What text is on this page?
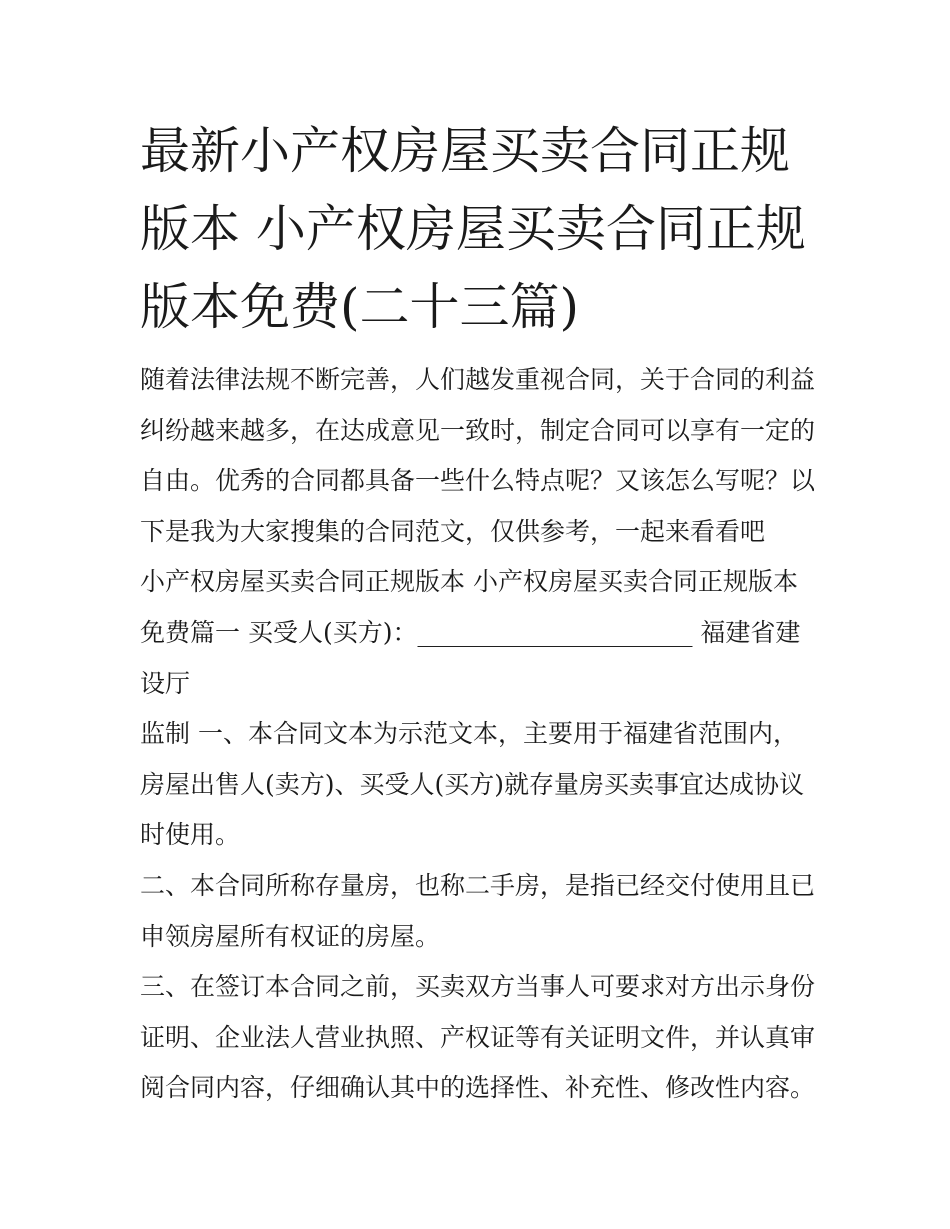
最新小产权房屋买卖合同正规
版本 小产权房屋买卖合同正规
版本免费(二十三篇)
随着法律法规不断完善，人们越发重视合同，关于合同的利益
纠纷越来越多，在达成意见一致时，制定合同可以享有一定的
自由。优秀的合同都具备一些什么特点呢？又该怎么写呢？以
下是我为大家搜集的合同范文，仅供参考，一起来看看吧
小产权房屋买卖合同正规版本 小产权房屋买卖合同正规版本
免费篇一 买受人(买方)：______________________ 福建省建
设厅
监制 一、本合同文本为示范文本，主要用于福建省范围内，
房屋出售人(卖方)、买受人(买方)就存量房买卖事宜达成协议
时使用。
二、本合同所称存量房，也称二手房，是指已经交付使用且已
申领房屋所有权证的房屋。
三、在签订本合同之前，买卖双方当事人可要求对方出示身份
证明、企业法人营业执照、产权证等有关证明文件，并认真审
阅合同内容，仔细确认其中的选择性、补充性、修改性内容。
